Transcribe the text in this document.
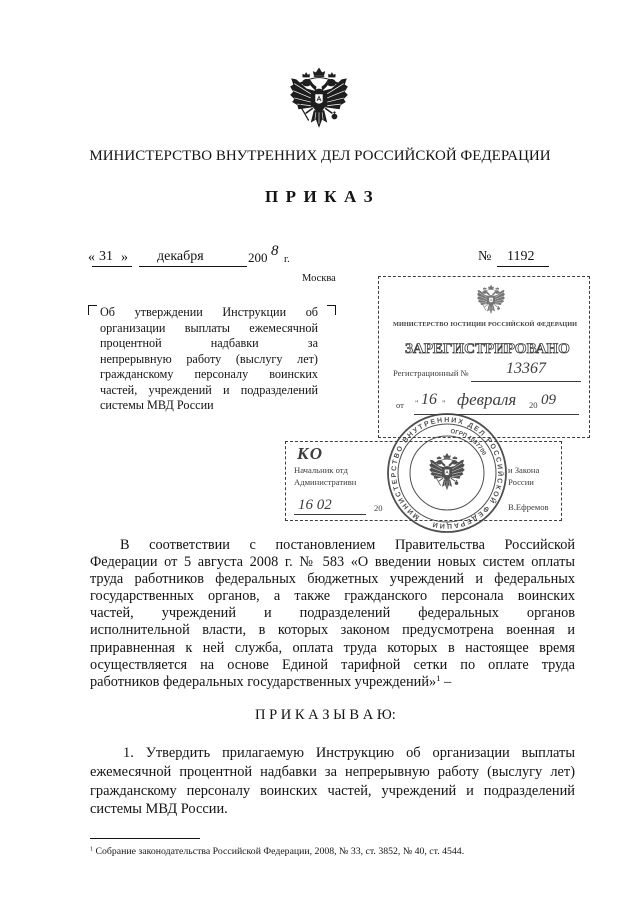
МИНИСТЕРСТВО ВНУТРЕННИХ ДЕЛ РОССИЙСКОЙ ФЕДЕРАЦИИ
П Р И К А З
« 31 » декабря	200 8
г.	№ 1192
Москва
Об утверждении Инструкции об
организации выплаты ежемесячной
процентной надбавки за
непрерывную работу (выслугу лет)
гражданскому персоналу воинских
частей, учреждений и подразделений
системы МВД России
МИНИСТЕРСТВО ЮСТИЦИИ РОССИЙСКОЙ ФЕДЕРАЦИИ
ЗАРЕГИСТРИРОВАНО
Регистрационный № 13367
от " 16 " февраля 20 09
КО
Начальник отд	и Закона
Административн	России
16 02	20	В.Ефремов
МИНИСТЕРСТВО ВНУТРЕННИХ ДЕЛ РОССИЙСКОЙ ФЕДЕРАЦИИ
ОГРП 1037700
В соответствии с постановлением Правительства Российской
Федерации от 5 августа 2008 г. № 583 «О введении новых систем оплаты
труда работников федеральных бюджетных учреждений и федеральных
государственных органов, а также гражданского персонала воинских
частей, учреждений и подразделений федеральных органов
исполнительной власти, в которых законом предусмотрена военная и
приравненная к ней служба, оплата труда которых в настоящее время
осуществляется на основе Единой тарифной сетки по оплате труда
работников федеральных государственных учреждений»$^1$ –
П Р И К А З Ы В А Ю:
1. Утвердить прилагаемую Инструкцию об организации выплаты
ежемесячной процентной надбавки за непрерывную работу (выслугу лет)
гражданскому персоналу воинских частей, учреждений и подразделений
системы МВД России.
$^1$ Собрание законодательства Российской Федерации, 2008, № 33, ст. 3852, № 40, ст. 4544.
